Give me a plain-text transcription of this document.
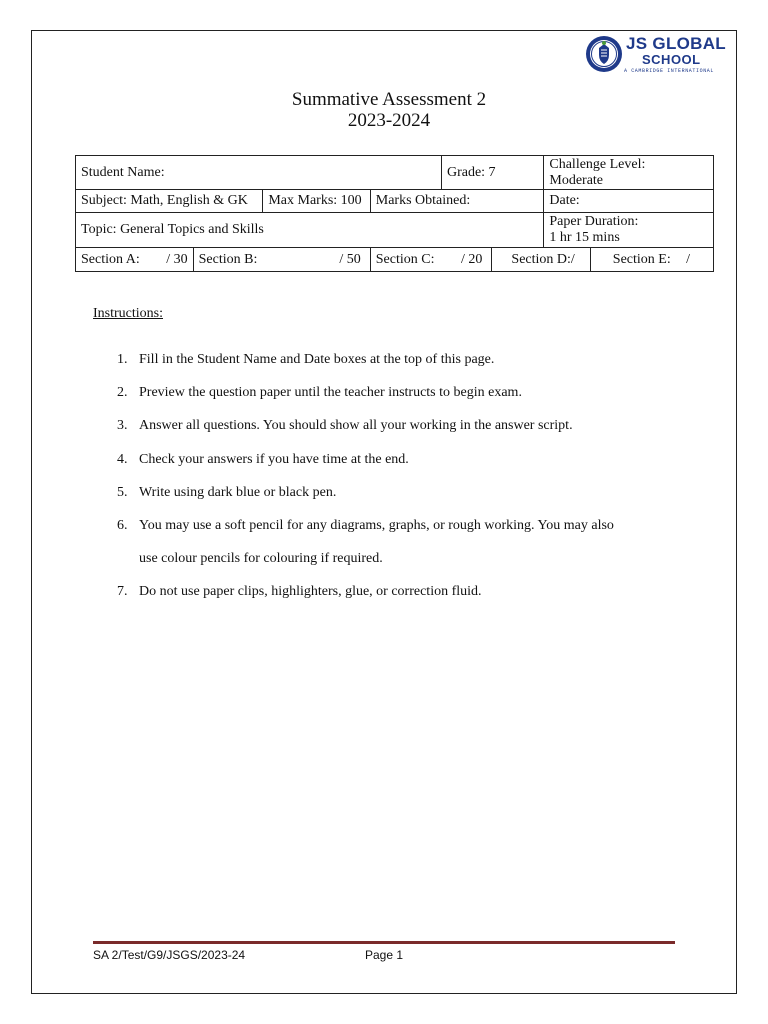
JS GLOBAL
SCHOOL
A CAMBRIDGE INTERNATIONAL
Summative Assessment 2
2023-2024
Student Name:				Grade: 7		Challenge Level:
Moderate	

Subject: Math, English & GK		Max Marks: 100	Marks Obtained:			Date:	
Topic: General Topics and Skills						Paper Duration:
1 hr 15 mins	

Section A: / 30	Section B: / 50		Section C: / 20		Section D: /		Section E: /
Instructions:
1. Fill in the Student Name and Date boxes at the top of this page.
2. Preview the question paper until the teacher instructs to begin exam.
3. Answer all questions. You should show all your working in the answer script.
4. Check your answers if you have time at the end.
5. Write using dark blue or black pen.
6. You may use a soft pencil for any diagrams, graphs, or rough working. You may also
use colour pencils for colouring if required.
7. Do not use paper clips, highlighters, glue, or correction fluid.
SA 2/Test/G9/JSGS/2023-24	Page 1
